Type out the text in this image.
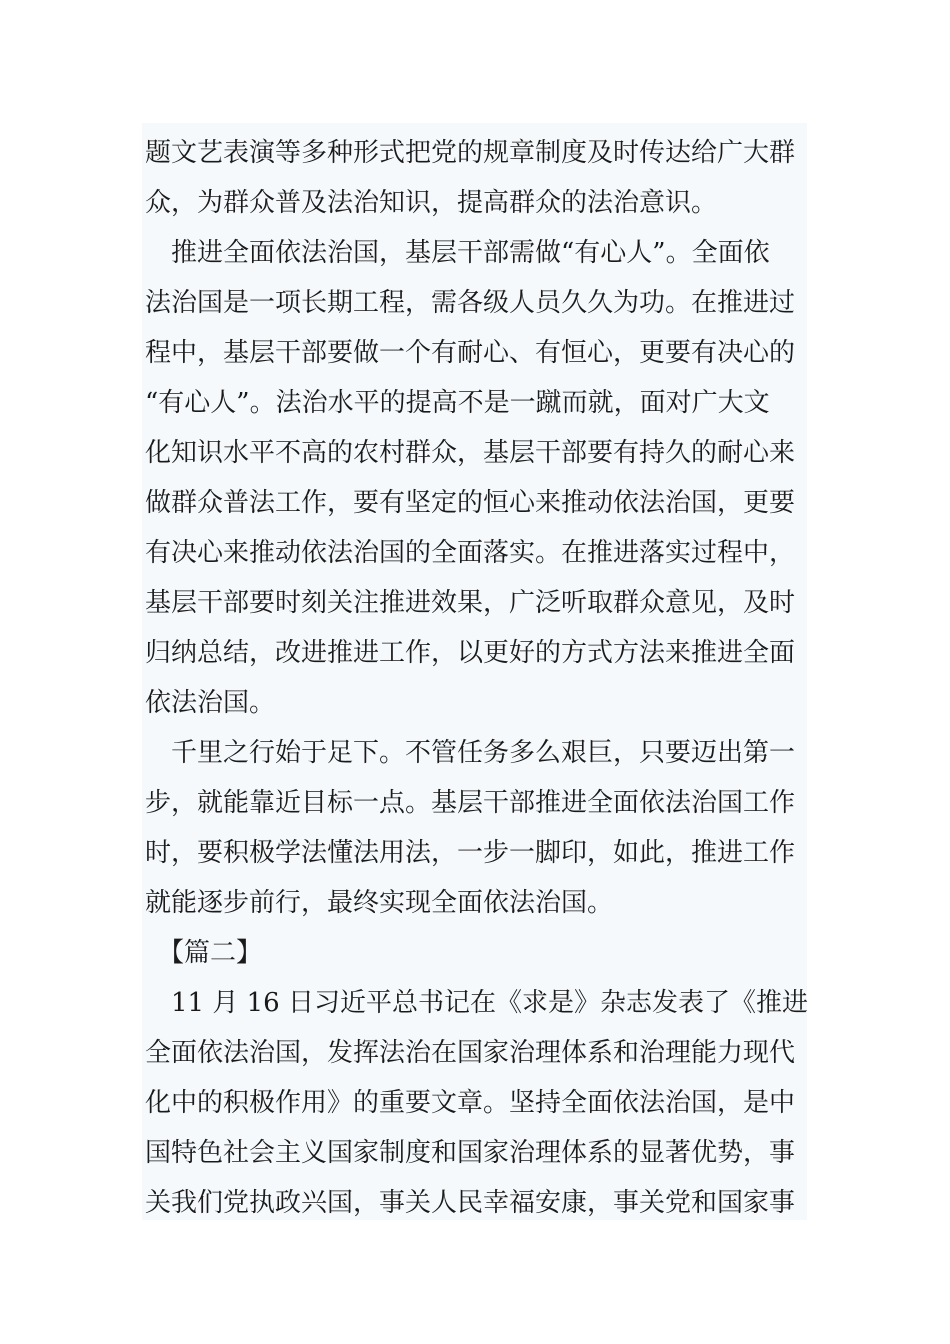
题文艺表演等多种形式把党的规章制度及时传达给广大群
众，为群众普及法治知识，提高群众的法治意识。
　推进全面依法治国，基层干部需做“有心人”。全面依
法治国是一项长期工程，需各级人员久久为功。在推进过
程中，基层干部要做一个有耐心、有恒心，更要有决心的
“有心人”。法治水平的提高不是一蹴而就，面对广大文
化知识水平不高的农村群众，基层干部要有持久的耐心来
做群众普法工作，要有坚定的恒心来推动依法治国，更要
有决心来推动依法治国的全面落实。在推进落实过程中，
基层干部要时刻关注推进效果，广泛听取群众意见，及时
归纳总结，改进推进工作，以更好的方式方法来推进全面
依法治国。
　千里之行始于足下。不管任务多么艰巨，只要迈出第一
步，就能靠近目标一点。基层干部推进全面依法治国工作
时，要积极学法懂法用法，一步一脚印，如此，推进工作
就能逐步前行，最终实现全面依法治国。
　【篇二】
　11 月 16 日习近平总书记在《求是》杂志发表了《推进
全面依法治国，发挥法治在国家治理体系和治理能力现代
化中的积极作用》的重要文章。坚持全面依法治国，是中
国特色社会主义国家制度和国家治理体系的显著优势，事
关我们党执政兴国，事关人民幸福安康，事关党和国家事
